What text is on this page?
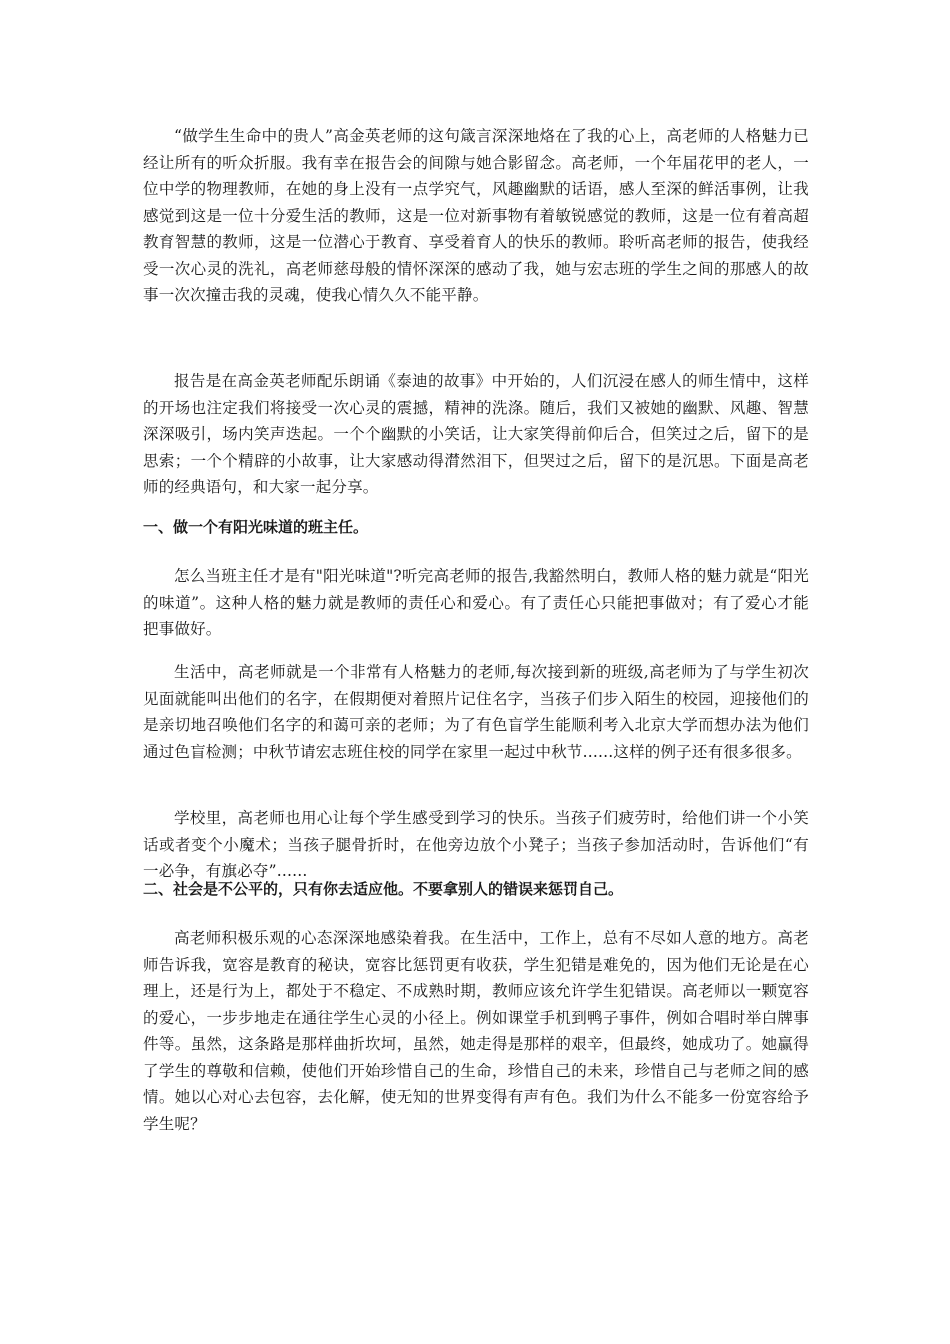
“做学生生命中的贵人”高金英老师的这句箴言深深地烙在了我的心上，高老师的人格魅力已经让所有的听众折服。我有幸在报告会的间隙与她合影留念。高老师，一个年届花甲的老人，一位中学的物理教师，在她的身上没有一点学究气，风趣幽默的话语，感人至深的鲜活事例，让我感觉到这是一位十分爱生活的教师，这是一位对新事物有着敏锐感觉的教师，这是一位有着高超教育智慧的教师，这是一位潜心于教育、享受着育人的快乐的教师。聆听高老师的报告，使我经受一次心灵的洗礼，高老师慈母般的情怀深深的感动了我，她与宏志班的学生之间的那感人的故事一次次撞击我的灵魂，使我心情久久不能平静。

报告是在高金英老师配乐朗诵《泰迪的故事》中开始的，人们沉浸在感人的师生情中，这样的开场也注定我们将接受一次心灵的震撼，精神的洗涤。随后，我们又被她的幽默、风趣、智慧深深吸引，场内笑声迭起。一个个幽默的小笑话，让大家笑得前仰后合，但笑过之后，留下的是思索；一个个精辟的小故事，让大家感动得潸然泪下，但哭过之后，留下的是沉思。下面是高老师的经典语句，和大家一起分享。

一、做一个有阳光味道的班主任。

怎么当班主任才是有"阳光味道"?听完高老师的报告,我豁然明白，教师人格的魅力就是“阳光的味道”。这种人格的魅力就是教师的责任心和爱心。有了责任心只能把事做对；有了爱心才能把事做好。

生活中，高老师就是一个非常有人格魅力的老师,每次接到新的班级,高老师为了与学生初次见面就能叫出他们的名字，在假期便对着照片记住名字，当孩子们步入陌生的校园，迎接他们的是亲切地召唤他们名字的和蔼可亲的老师；为了有色盲学生能顺利考入北京大学而想办法为他们通过色盲检测；中秋节请宏志班住校的同学在家里一起过中秋节......这样的例子还有很多很多。

学校里，高老师也用心让每个学生感受到学习的快乐。当孩子们疲劳时，给他们讲一个小笑话或者变个小魔术；当孩子腿骨折时，在他旁边放个小凳子；当孩子参加活动时，告诉他们“有一必争，有旗必夺”......

二、社会是不公平的，只有你去适应他。不要拿别人的错误来惩罚自己。

高老师积极乐观的心态深深地感染着我。在生活中，工作上，总有不尽如人意的地方。高老师告诉我，宽容是教育的秘诀，宽容比惩罚更有收获，学生犯错是难免的，因为他们无论是在心理上，还是行为上，都处于不稳定、不成熟时期，教师应该允许学生犯错误。高老师以一颗宽容的爱心，一步步地走在通往学生心灵的小径上。例如课堂手机到鸭子事件，例如合唱时举白牌事件等。虽然，这条路是那样曲折坎坷，虽然，她走得是那样的艰辛，但最终，她成功了。她赢得了学生的尊敬和信赖，使他们开始珍惜自己的生命，珍惜自己的未来，珍惜自己与老师之间的感情。她以心对心去包容，去化解，使无知的世界变得有声有色。我们为什么不能多一份宽容给予学生呢？
